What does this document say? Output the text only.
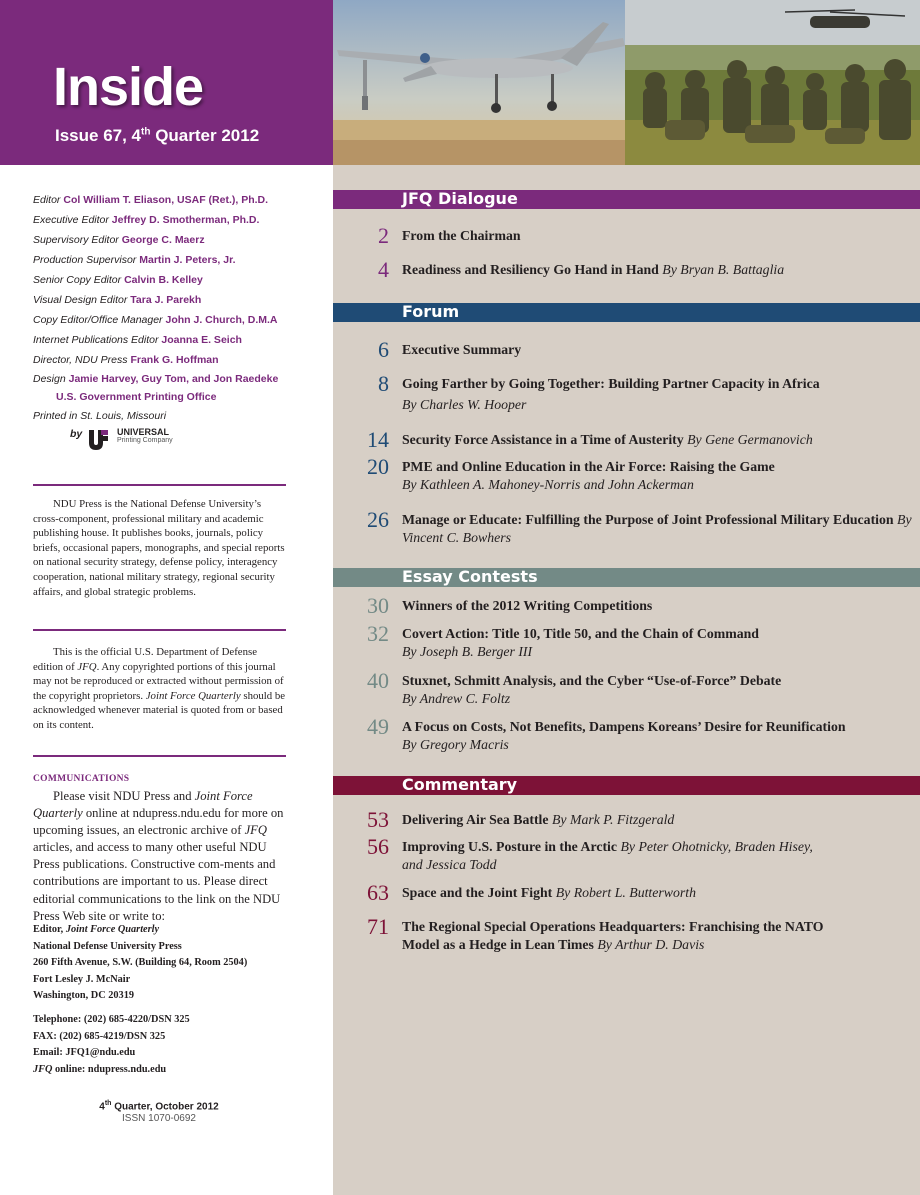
Inside
Issue 67, 4th Quarter 2012
Editor Col William T. Eliason, USAF (Ret.), Ph.D.
Executive Editor Jeffrey D. Smotherman, Ph.D.
Supervisory Editor George C. Maerz
Production Supervisor Martin J. Peters, Jr.
Senior Copy Editor Calvin B. Kelley
Visual Design Editor Tara J. Parekh
Copy Editor/Office Manager John J. Church, D.M.A
Internet Publications Editor Joanna E. Seich
Director, NDU Press Frank G. Hoffman
Design Jamie Harvey, Guy Tom, and Jon Raedeke
U.S. Government Printing Office
Printed in St. Louis, Missouri
by	UNIVERSAL
Printing Company
NDU Press is the National Defense University’s cross-component, professional military and academic publishing house. It publishes books, journals, policy briefs, occasional papers, monographs, and special reports on national security strategy, defense policy, interagency cooperation, national military strategy, regional security affairs, and global strategic problems.
This is the official U.S. Department of Defense edition of JFQ. Any copyrighted portions of this journal may not be reproduced or extracted without permission of the copyright proprietors. Joint Force Quarterly should be acknowledged whenever material is quoted from or based on its content.
COMMUNICATIONS
Please visit NDU Press and Joint Force Quarterly online at ndupress.ndu.edu for more on upcoming issues, an electronic archive of JFQ articles, and access to many other useful NDU Press publications. Constructive com-ments and contributions are important to us. Please direct editorial communications to the link on the NDU Press Web site or write to:
Editor, Joint Force Quarterly
National Defense University Press
260 Fifth Avenue, S.W. (Building 64, Room 2504)
Fort Lesley J. McNair
Washington, DC 20319
Telephone: (202) 685-4220/DSN 325
FAX: (202) 685-4219/DSN 325
Email: JFQ1@ndu.edu
JFQ online: ndupress.ndu.edu
4th Quarter, October 2012
ISSN 1070-0692
JFQ Dialogue
2 From the Chairman
4 Readiness and Resiliency Go Hand in Hand By Bryan B. Battaglia
Forum
6 Executive Summary
8 Going Farther by Going Together: Building Partner Capacity in Africa
By Charles W. Hooper
14 Security Force Assistance in a Time of Austerity By Gene Germanovich
20 PME and Online Education in the Air Force: Raising the Game
By Kathleen A. Mahoney-Norris and John Ackerman
26 Manage or Educate: Fulfilling the Purpose of Joint Professional Military Education By Vincent C. Bowhers
Essay Contests
30 Winners of the 2012 Writing Competitions
32 Covert Action: Title 10, Title 50, and the Chain of Command
By Joseph B. Berger III
40 Stuxnet, Schmitt Analysis, and the Cyber “Use-of-Force” Debate
By Andrew C. Foltz
49 A Focus on Costs, Not Benefits, Dampens Koreans’ Desire for Reunification
By Gregory Macris
Commentary
53 Delivering Air Sea Battle By Mark P. Fitzgerald
56 Improving U.S. Posture in the Arctic By Peter Ohotnicky, Braden Hisey,
and Jessica Todd
63 Space and the Joint Fight By Robert L. Butterworth
71 The Regional Special Operations Headquarters: Franchising the NATO Model as a Hedge in Lean Times By Arthur D. Davis
